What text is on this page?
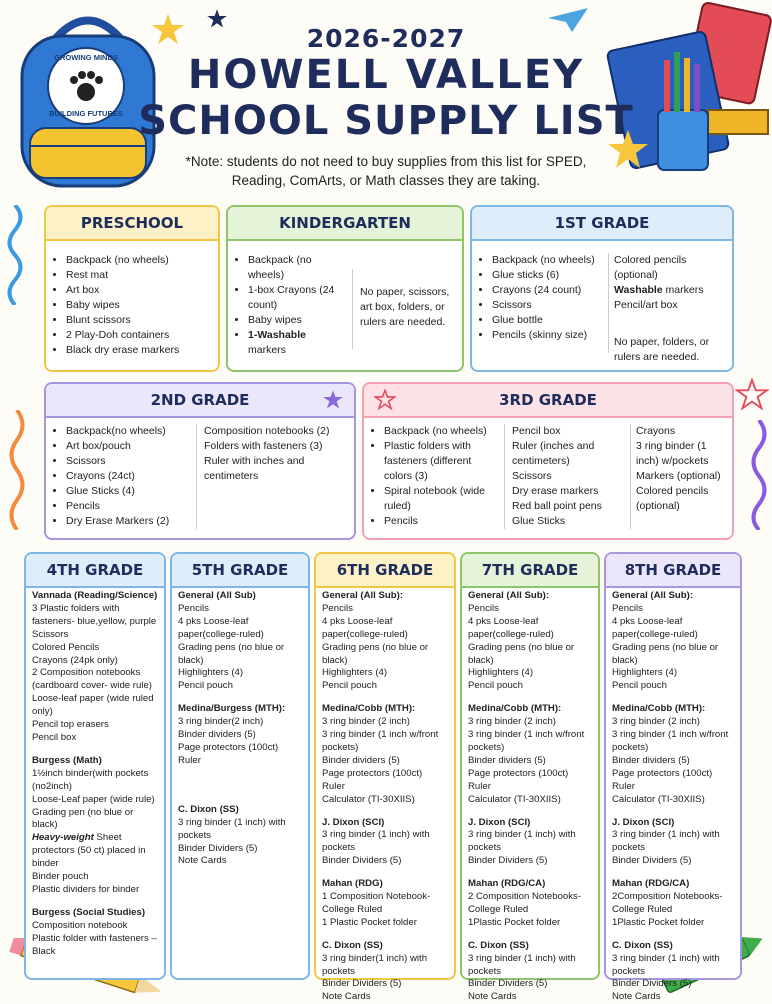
GROWING MINDS
BUILDING FUTURES
2026-2027
HOWELL VALLEY
SCHOOL SUPPLY LIST
*Note: students do not need to buy supplies from this list for SPED, Reading, ComArts, or Math classes they are taking.
PRESCHOOL
• Backpack (no wheels)
• Rest mat
• Art box
• Baby wipes
• Blunt scissors
• 2 Play-Doh containers
• Black dry erase markers
KINDERGARTEN
• Backpack (no wheels)
• 1-box Crayons (24 count)
• Baby wipes
• 1-Washable
markers
No paper, scissors, art box, folders, or rulers are needed.
1ST GRADE
• Backpack (no wheels)
• Glue sticks (6)
• Crayons (24 count)
• Scissors
• Glue bottle
• Pencils (skinny size)
Colored pencils (optional)
Washable markers
Pencil/art box
No paper, folders, or rulers are needed.
2ND GRADE
• Backpack(no wheels)
• Art box/pouch
• Scissors
• Crayons (24ct)
• Glue Sticks (4)
• Pencils
• Dry Erase Markers (2)
Composition notebooks (2)
Folders with fasteners (3)
Ruler with inches and centimeters
3RD GRADE
• Backpack (no wheels)
• Plastic folders with fasteners (different colors (3)
• Spiral notebook (wide ruled)
• Pencils
Pencil box
Ruler (inches and centimeters)
Scissors
Dry erase markers
Red ball point pens
Glue Sticks
Crayons
3 ring binder (1 inch) w/pockets
Markers (optional)
Colored pencils (optional)
4TH GRADE
Vannada (Reading/Science)
3 Plastic folders with fasteners- blue,yellow, purple
Scissors
Colored Pencils
Crayons (24pk only)
2 Composition notebooks (cardboard cover- wide rule)
Loose-leaf paper (wide ruled only)
Pencil top erasers
Pencil box
Burgess (Math)
1½inch binder(with pockets (no2inch)
Loose-Leaf paper (wide rule)
Grading pen (no blue or black)
Heavy-weight Sheet protectors (50 ct) placed in binder
Binder pouch
Plastic dividers for binder
Burgess (Social Studies)
Composition notebook
Plastic folder with fasteners – Black
5TH GRADE
General (All Sub)
Pencils
4 pks Loose-leaf paper(college-ruled)
Grading pens (no blue or black)
Highlighters (4)
Pencil pouch
Medina/Burgess (MTH):
3 ring binder(2 inch)
Binder dividers (5)
Page protectors (100ct)
Ruler
C. Dixon (SS)
3 ring binder (1 inch) with pockets
Binder Dividers (5)
Note Cards
6TH GRADE
General (All Sub):
Pencils
4 pks Loose-leaf paper(college-ruled)
Grading pens (no blue or black)
Highlighters (4)
Pencil pouch
Medina/Cobb (MTH):
3 ring binder (2 inch)
3 ring binder (1 inch w/front pockets)
Binder dividers (5)
Page protectors (100ct)
Ruler
Calculator (TI-30XIIS)
J. Dixon (SCI)
3 ring binder (1 inch) with pockets
Binder Dividers (5)
Mahan (RDG)
1 Composition Notebook- College Ruled
1 Plastic Pocket folder
C. Dixon (SS)
3 ring binder(1 inch) with pockets
Binder Dividers (5)
Note Cards
7TH GRADE
General (All Sub):
Pencils
4 pks Loose-leaf paper(college-ruled)
Grading pens (no blue or black)
Highlighters (4)
Pencil pouch
Medina/Cobb (MTH):
3 ring binder (2 inch)
3 ring binder (1 inch w/front pockets)
Binder dividers (5)
Page protectors (100ct)
Ruler
Calculator (TI-30XIIS)
J. Dixon (SCI)
3 ring binder (1 inch) with pockets
Binder Dividers (5)
Mahan (RDG/CA)
2 Composition Notebooks- College Ruled
1Plastic Pocket folder
C. Dixon (SS)
3 ring binder (1 inch) with pockets
Binder Dividers (5)
Note Cards
8TH GRADE
General (All Sub):
Pencils
4 pks Loose-leaf paper(college-ruled)
Grading pens (no blue or black)
Highlighters (4)
Pencil pouch
Medina/Cobb (MTH):
3 ring binder (2 inch)
3 ring binder (1 inch w/front pockets)
Binder dividers (5)
Page protectors (100ct)
Ruler
Calculator (TI-30XIIS)
J. Dixon (SCI)
3 ring binder (1 inch) with pockets
Binder Dividers (5)
Mahan (RDG/CA)
2Composition Notebooks- College Ruled
1Plastic Pocket folder
C. Dixon (SS)
3 ring binder (1 inch) with pockets
Binder Dividers (5)
Note Cards
